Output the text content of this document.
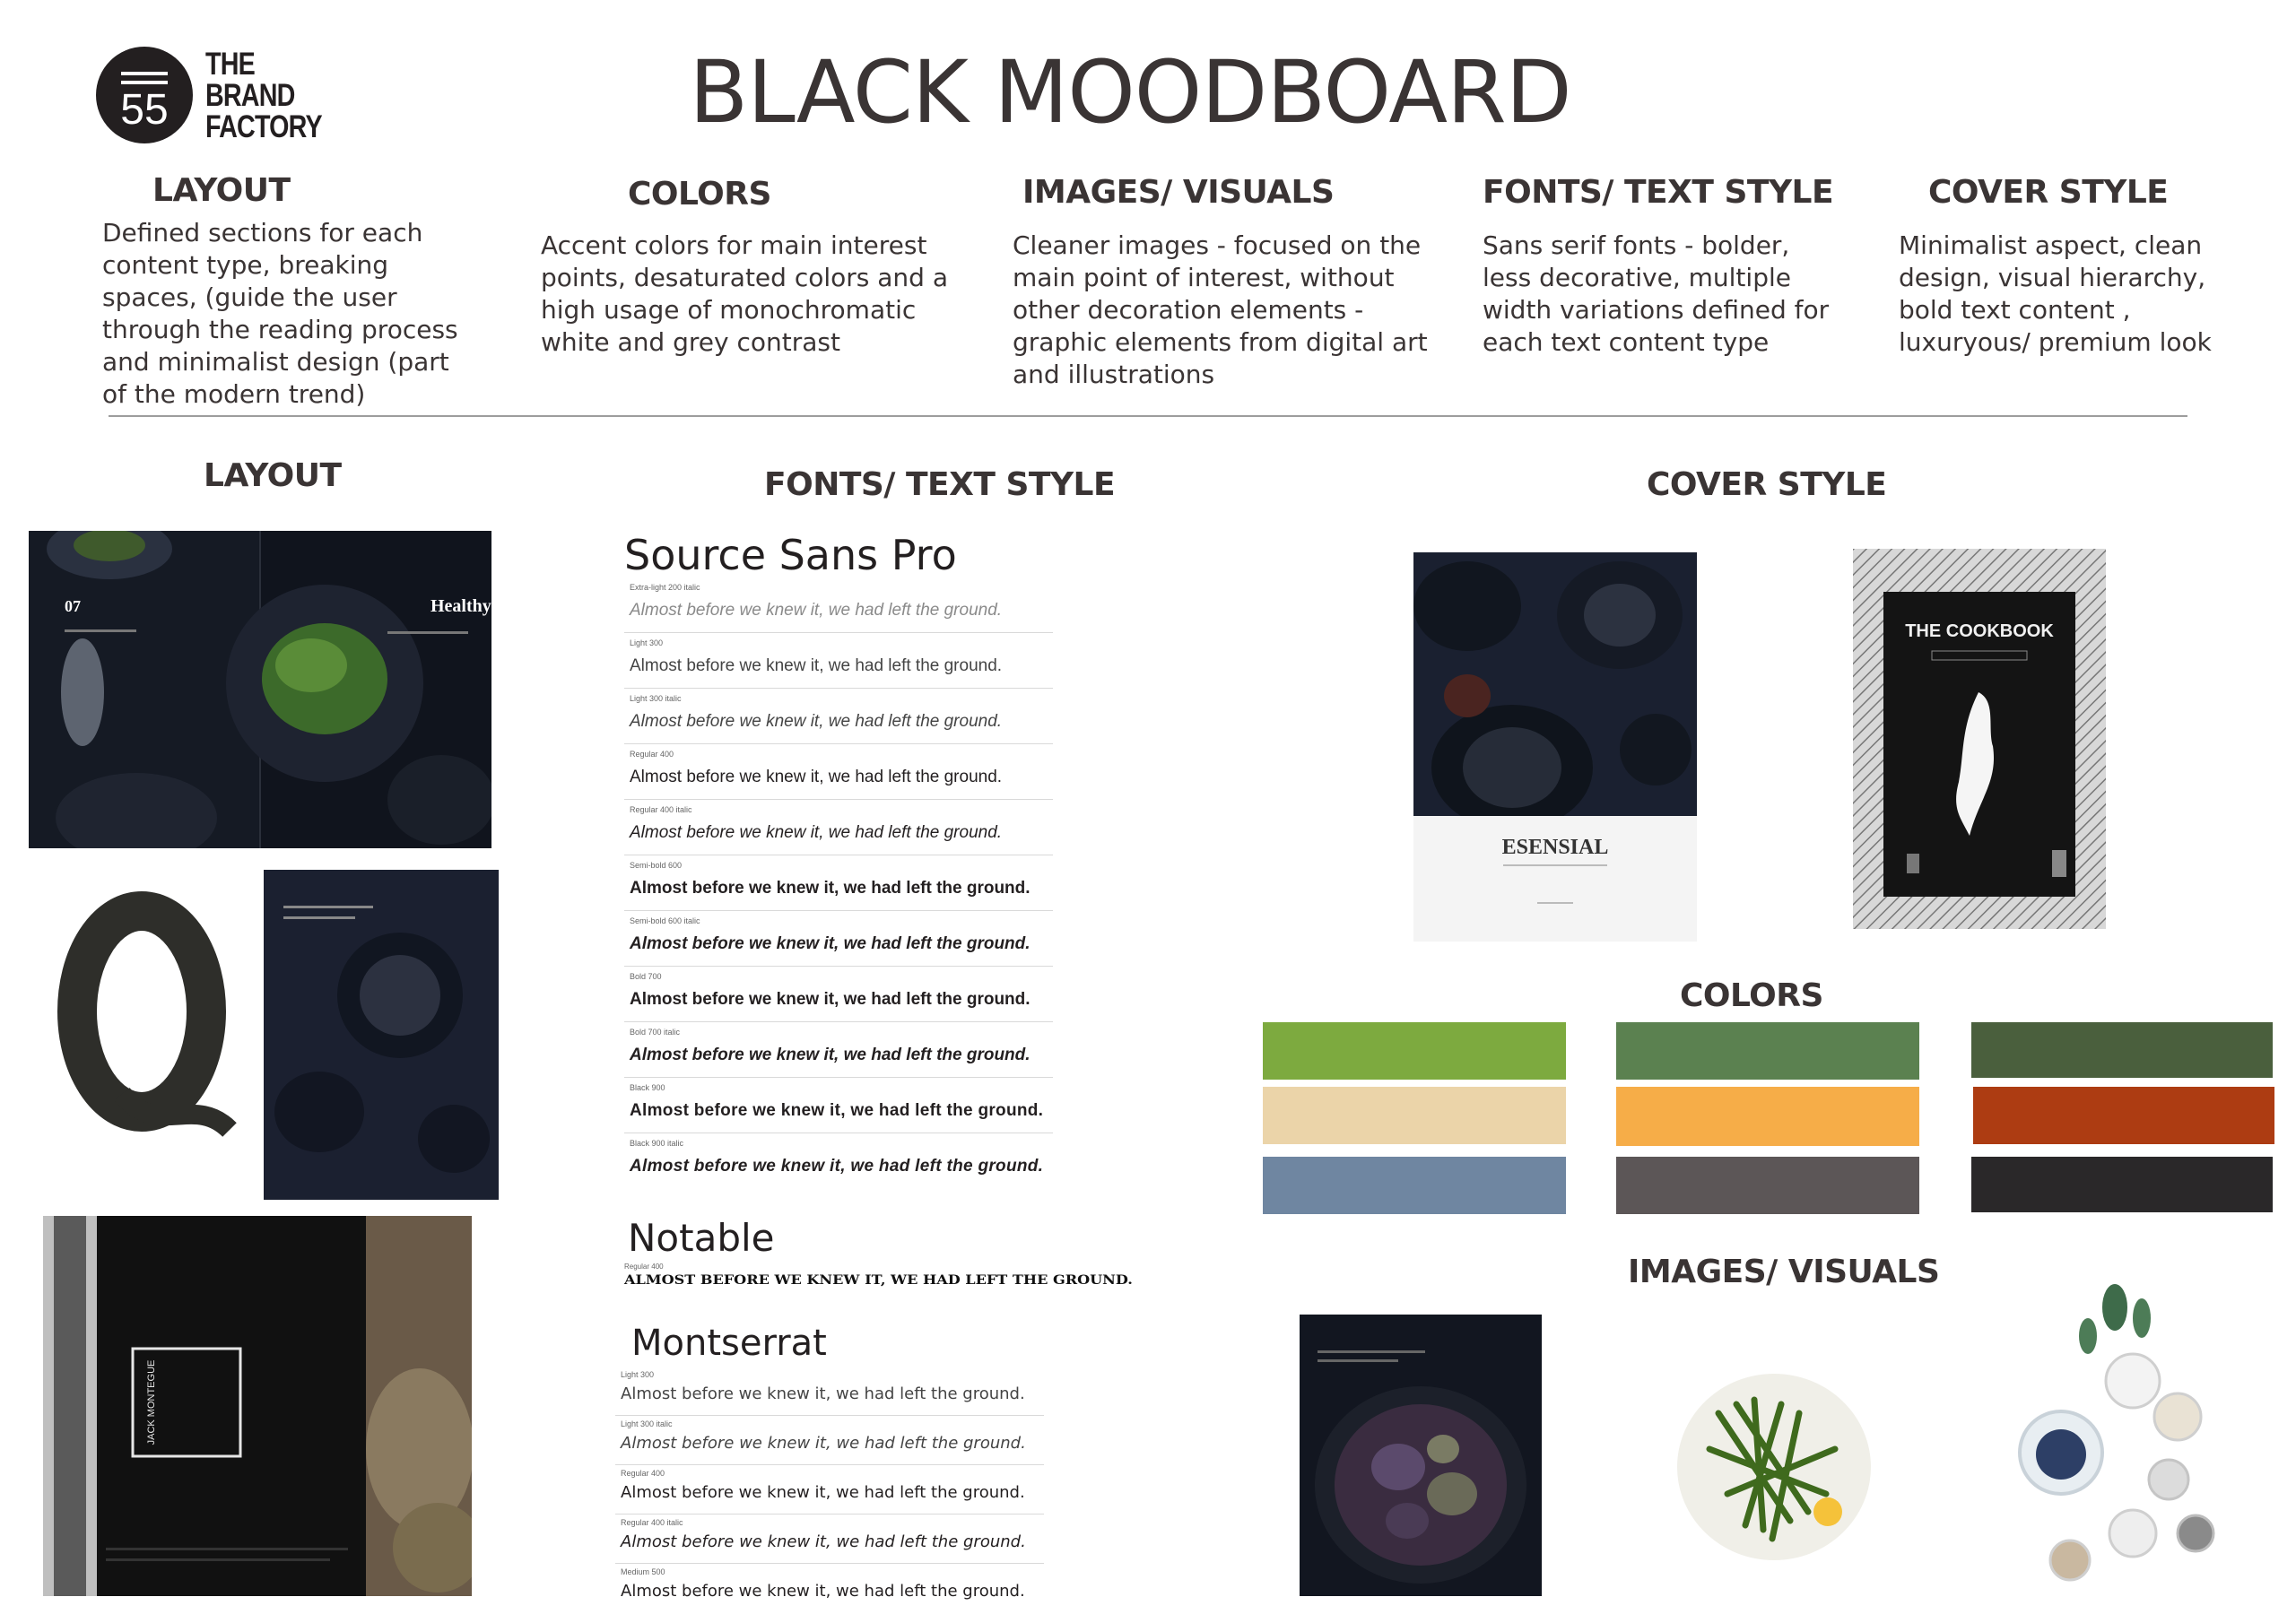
55
THE
BRAND
FACTORY	BLACK MOODBOARD
LAYOUT
Defined sections for each content type, breaking spaces, (guide the user through the reading process and minimalist design (part of the modern trend)
COLORS
Accent colors for main interest points, desaturated colors and a high usage of monochromatic white and grey contrast
IMAGES/ VISUALS
Cleaner images - focused on the main point of interest, without other decoration elements - graphic elements from digital art and illustrations
FONTS/ TEXT STYLE
Sans serif fonts - bolder, less decorative, multiple width variations defined for each text content type
COVER STYLE
Minimalist aspect, clean design, visual hierarchy, bold text content , luxuryous/ premium look
LAYOUT	FONTS/ TEXT STYLE	COVER STYLE
COLORS
IMAGES/ VISUALS
07	Healthy
JACK MONTEGUE
Source Sans Pro
Extra-light 200 italic
Almost before we knew it, we had left the ground.
Light 300
Almost before we knew it, we had left the ground.
Light 300 italic
Almost before we knew it, we had left the ground.
Regular 400
Almost before we knew it, we had left the ground.
Regular 400 italic
Almost before we knew it, we had left the ground.
Semi-bold 600
Almost before we knew it, we had left the ground.
Semi-bold 600 italic
Almost before we knew it, we had left the ground.
Bold 700
Almost before we knew it, we had left the ground.
Bold 700 italic
Almost before we knew it, we had left the ground.
Black 900
Almost before we knew it, we had left the ground.
Black 900 italic
Almost before we knew it, we had left the ground.
Notable
Regular 400
ALMOST BEFORE WE KNEW IT, WE HAD LEFT THE GROUND.
Montserrat
Light 300
Almost before we knew it, we had left the ground.
Light 300 italic
Almost before we knew it, we had left the ground.
Regular 400
Almost before we knew it, we had left the ground.
Regular 400 italic
Almost before we knew it, we had left the ground.
Medium 500
Almost before we knew it, we had left the ground.
ESENSIAL
THE COOKBOOK
